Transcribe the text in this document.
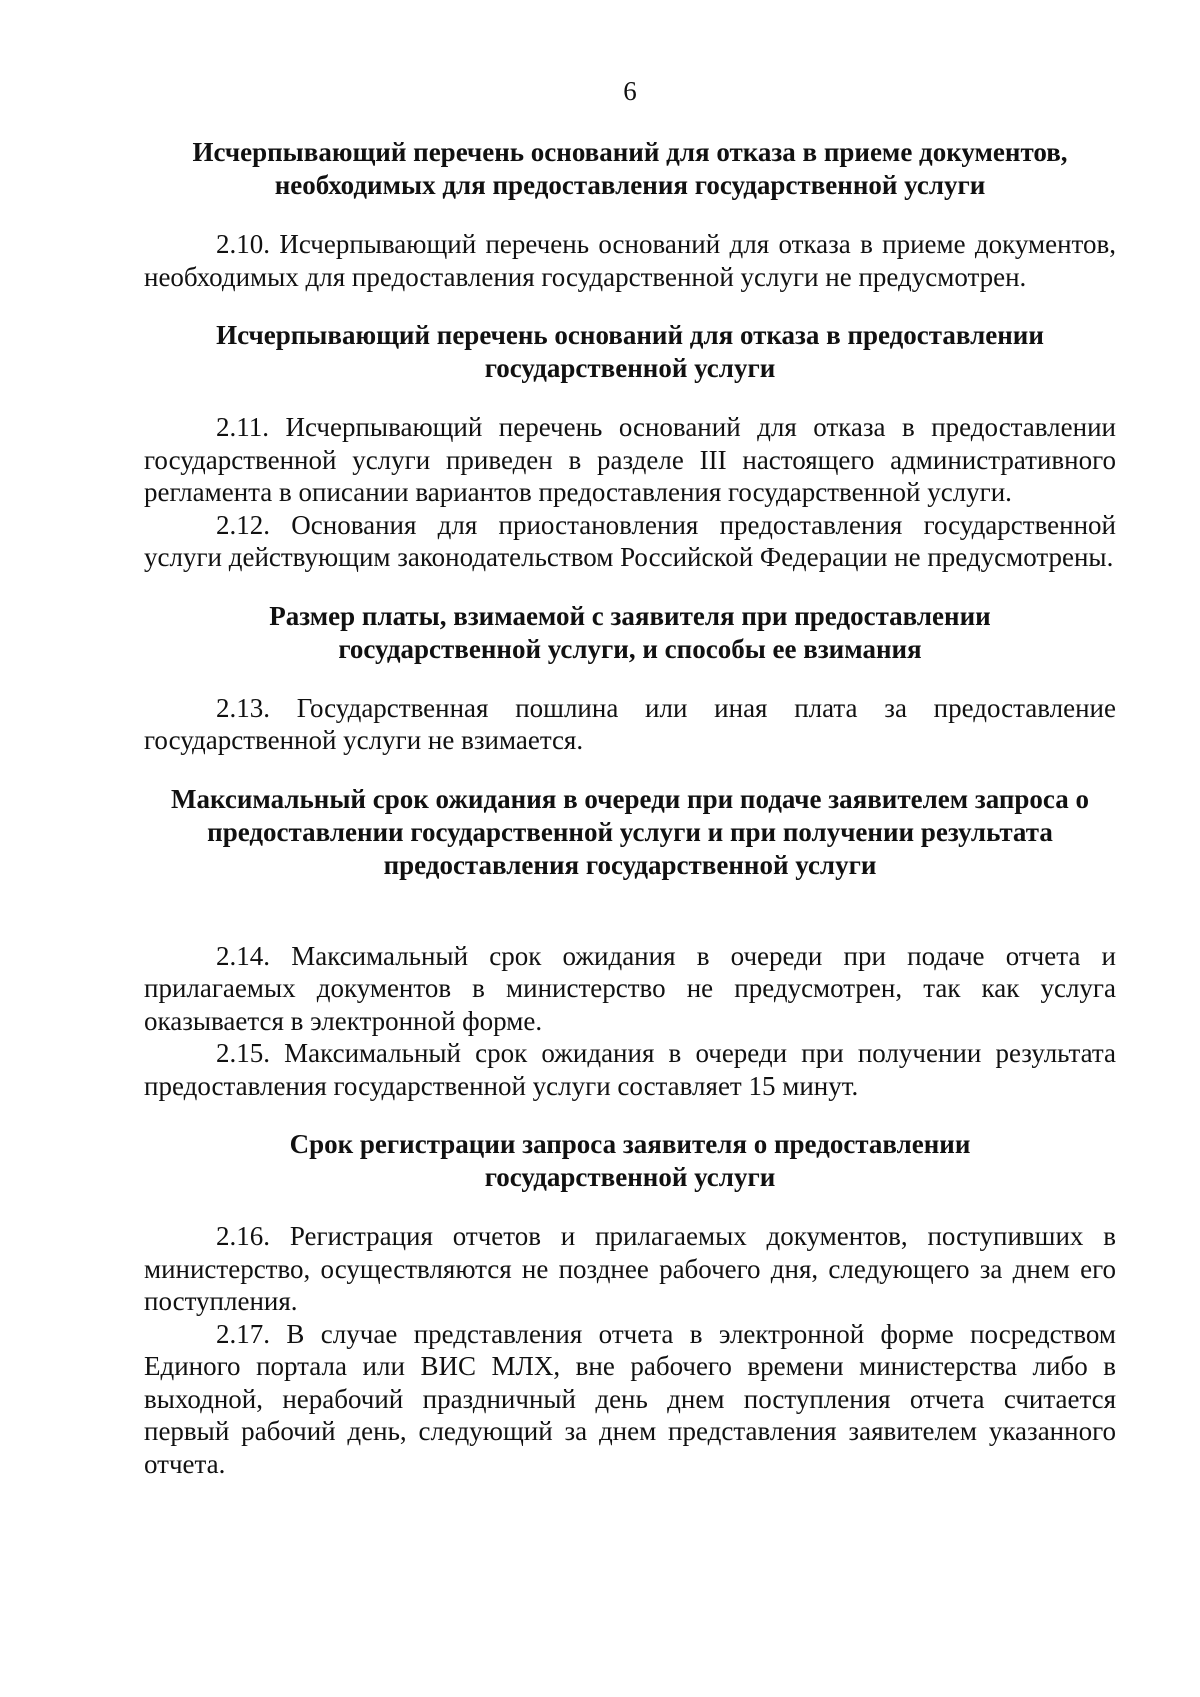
6
Исчерпывающий перечень оснований для отказа в приеме документов,
необходимых для предоставления государственной услуги

2.10. Исчерпывающий перечень оснований для отказа в приеме документов, необходимых для предоставления государственной услуги не предусмотрен.

Исчерпывающий перечень оснований для отказа в предоставлении
государственной услуги

2.11. Исчерпывающий перечень оснований для отказа в предоставлении государственной услуги приведен в разделе III настоящего административного регламента в описании вариантов предоставления государственной услуги.

2.12. Основания для приостановления предоставления государственной услуги действующим законодательством Российской Федерации не предусмотрены.

Размер платы, взимаемой с заявителя при предоставлении
государственной услуги, и способы ее взимания

2.13. Государственная пошлина или иная плата за предоставление государственной услуги не взимается.

Максимальный срок ожидания в очереди при подаче заявителем запроса о
предоставлении государственной услуги и при получении результата
предоставления государственной услуги

2.14. Максимальный срок ожидания в очереди при подаче отчета и прилагаемых документов в министерство не предусмотрен, так как услуга оказывается в электронной форме.

2.15. Максимальный срок ожидания в очереди при получении результата предоставления государственной услуги составляет 15 минут.

Срок регистрации запроса заявителя о предоставлении
государственной услуги

2.16. Регистрация отчетов и прилагаемых документов, поступивших в министерство, осуществляются не позднее рабочего дня, следующего за днем его поступления.

2.17. В случае представления отчета в электронной форме посредством Единого портала или ВИС МЛХ, вне рабочего времени министерства либо в выходной, нерабочий праздничный день днем поступления отчета считается первый рабочий день, следующий за днем представления заявителем указанного отчета.
